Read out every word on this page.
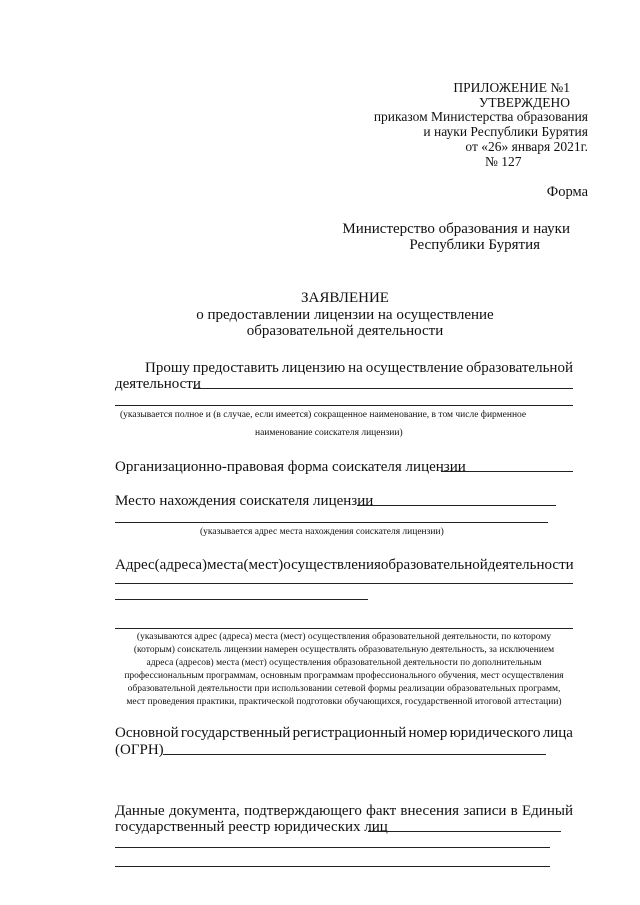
ПРИЛОЖЕНИЕ №1
УТВЕРЖДЕНО
приказом Министерства образования
и науки Республики Бурятия
от «26» января 2021г.
№ 127
Форма
Министерство образования и науки
Республики Бурятия
ЗАЯВЛЕНИЕ
о предоставлении лицензии на осуществление
образовательной деятельности
Прошу предоставить лицензию на осуществление образовательной
деятельности
(указывается полное и (в случае, если имеется) сокращенное наименование, в том числе фирменное
наименование соискателя лицензии)
Организационно-правовая форма соискателя лицензии
Место нахождения соискателя лицензии
(указывается адрес места нахождения соискателя лицензии)
Адрес (адреса) места (мест) осуществления образовательной деятельности
(указываются адрес (адреса) места (мест) осуществления образовательной деятельности, по которому
(которым) соискатель лицензии намерен осуществлять образовательную деятельность, за исключением
адреса (адресов) места (мест) осуществления образовательной деятельности по дополнительным
профессиональным программам, основным программам профессионального обучения, мест осуществления
образовательной деятельности при использовании сетевой формы реализации образовательных программ,
мест проведения практики, практической подготовки обучающихся, государственной итоговой аттестации)
Основной государственный регистрационный номер юридического лица
(ОГРН)
Данные документа, подтверждающего факт внесения записи в Единый
государственный реестр юридических лиц
